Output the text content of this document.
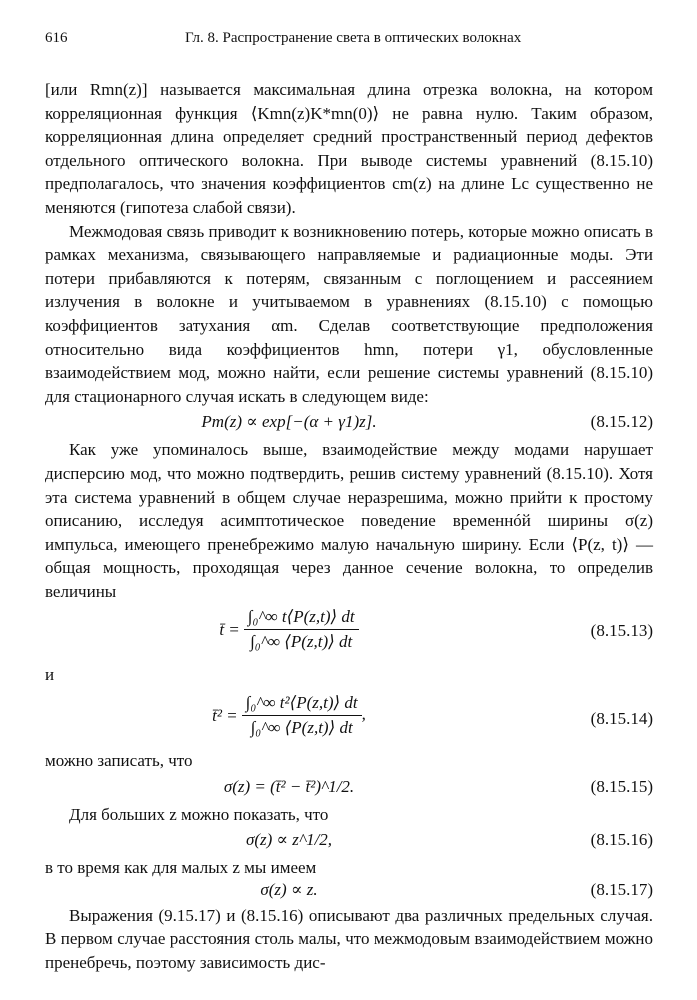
616	Гл. 8. Распространение света в оптических волокнах

[или Rmn(z)] называется максимальная длина отрезка волокна, на котором корреляционная функция ⟨Kmn(z)K*mn(0)⟩ не равна нулю. Таким образом, корреляционная длина определяет средний пространственный период дефектов отдельного оптического волокна. При выводе системы уравнений (8.15.10) предполагалось, что значения коэффициентов cm(z) на длине Lc существенно не меняются (гипотеза слабой связи).

Межмодовая связь приводит к возникновению потерь, которые можно описать в рамках механизма, связывающего направляемые и радиационные моды. Эти потери прибавляются к потерям, связанным с поглощением и рассеянием излучения в волокне и учитываемом в уравнениях (8.15.10) с помощью коэффициентов затухания αm. Сделав соответствующие предположения относительно вида коэффициентов hmn, потери γ1, обусловленные взаимодействием мод, можно найти, если решение системы уравнений (8.15.10) для стационарного случая искать в следующем виде:

Pm(z) ∝ exp[−(α + γ1)z].	(8.15.12)

Как уже упоминалось выше, взаимодействие между модами нарушает дисперсию мод, что можно подтвердить, решив систему уравнений (8.15.10). Хотя эта система уравнений в общем случае неразрешима, можно прийти к простому описанию, исследуя асимптотическое поведение временнóй ширины σ(z) импульса, имеющего пренебрежимо малую начальную ширину. Если ⟨P(z, t)⟩ — общая мощность, проходящая через данное сечение волокна, то определив величины

t̄ = $\frac{\text{∫₀\textasciicircum{}∞ t⟨P(z,t)⟩ dt}}{\text{∫₀\textasciicircum{}∞ ⟨P(z,t)⟩ dt}}$	(8.15.13)

и

t̄² = $\frac{\text{∫₀\textasciicircum{}∞ t²⟨P(z,t)⟩ dt}}{\text{∫₀\textasciicircum{}∞ ⟨P(z,t)⟩ dt}}$ ,	(8.15.14)

можно записать, что

σ(z) = (t̄² − t̄²)^1/2.	(8.15.15)

Для больших z можно показать, что

σ(z) ∝ z^1/2,	(8.15.16)

в то время как для малых z мы имеем

σ(z) ∝ z.	(8.15.17)

Выражения (9.15.17) и (8.15.16) описывают два различных предельных случая. В первом случае расстояния столь малы, что межмодовым взаимодействием можно пренебречь, поэтому зависимость дис-
